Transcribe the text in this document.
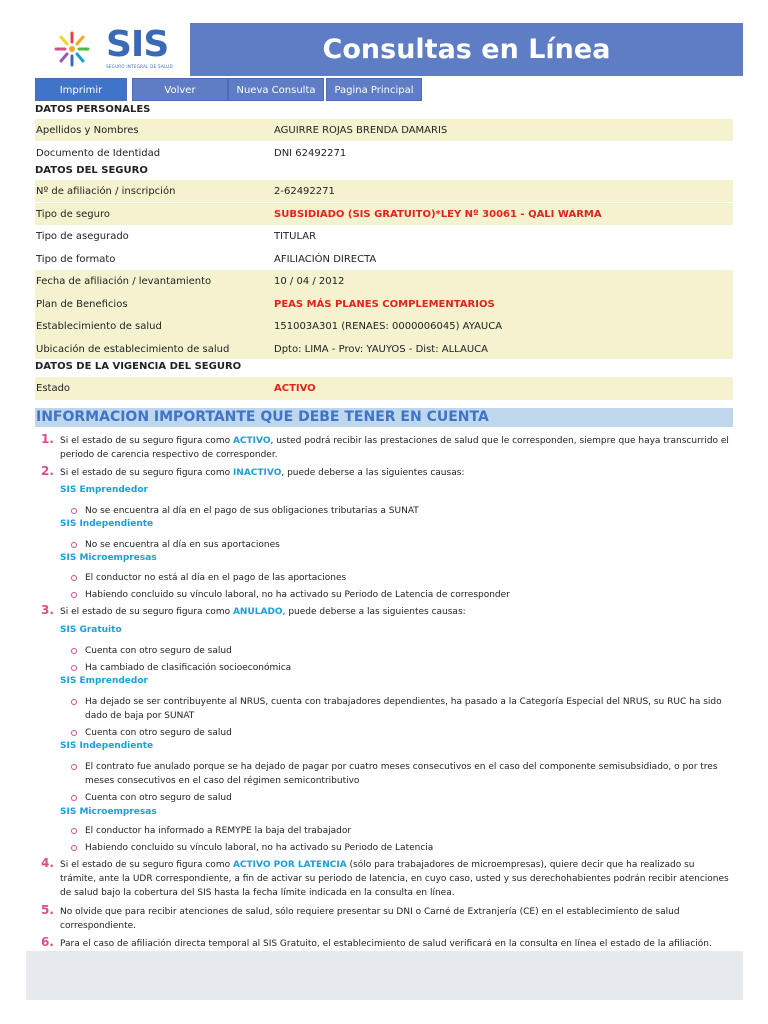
SIS
SEGURO INTEGRAL DE SALUD
Consultas en Línea
Imprimir	Volver	Nueva Consulta	Pagina Principal
DATOS PERSONALES
Apellidos y Nombres	AGUIRRE ROJAS BRENDA DAMARIS
Documento de Identidad	DNI 62492271
DATOS DEL SEGURO
Nº de afiliación / inscripción	2-62492271
Tipo de seguro	SUBSIDIADO (SIS GRATUITO)*LEY Nº 30061 - QALI WARMA
Tipo de asegurado	TITULAR
Tipo de formato	AFILIACIÓN DIRECTA
Fecha de afiliación / levantamiento	10 / 04 / 2012
Plan de Beneficios	PEAS MÁS PLANES COMPLEMENTARIOS
Establecimiento de salud	151003A301 (RENAES: 0000006045) AYAUCA
Ubicación de establecimiento de salud	Dpto: LIMA - Prov: YAUYOS - Dist: ALLAUCA
DATOS DE LA VIGENCIA DEL SEGURO
Estado	ACTIVO
INFORMACION IMPORTANTE QUE DEBE TENER EN CUENTA
1. Si el estado de su seguro figura como ACTIVO, usted podrá recibir las prestaciones de salud que le corresponden, siempre que haya transcurrido el periodo de carencia respectivo de corresponder.
2. Si el estado de su seguro figura como INACTIVO, puede deberse a las siguientes causas:
SIS Emprendedor
No se encuentra al día en el pago de sus obligaciones tributarias a SUNAT
SIS Independiente
No se encuentra al día en sus aportaciones
SIS Microempresas
El conductor no está al día en el pago de las aportaciones
Habiendo concluido su vínculo laboral, no ha activado su Periodo de Latencia de corresponder
3. Si el estado de su seguro figura como ANULADO, puede deberse a las siguientes causas:
SIS Gratuito
Cuenta con otro seguro de salud
Ha cambiado de clasificación socioeconómica
SIS Emprendedor
Ha dejado se ser contribuyente al NRUS, cuenta con trabajadores dependientes, ha pasado a la Categoría Especial del NRUS, su RUC ha sido dado de baja por SUNAT
Cuenta con otro seguro de salud
SIS Independiente
El contrato fue anulado porque se ha dejado de pagar por cuatro meses consecutivos en el caso del componente semisubsidiado, o por tres meses consecutivos en el caso del régimen semicontributivo
Cuenta con otro seguro de salud
SIS Microempresas
El conductor ha informado a REMYPE la baja del trabajador
Habiendo concluido su vínculo laboral, no ha activado su Periodo de Latencia
4. Si el estado de su seguro figura como ACTIVO POR LATENCIA (sólo para trabajadores de microempresas), quiere decir que ha realizado su trámite, ante la UDR correspondiente, a fin de activar su periodo de latencia, en cuyo caso, usted y sus derechohabientes podrán recibir atenciones de salud bajo la cobertura del SIS hasta la fecha límite indicada en la consulta en línea.
5. No olvide que para recibir atenciones de salud, sólo requiere presentar su DNI o Carné de Extranjería (CE) en el establecimiento de salud correspondiente.
6. Para el caso de afiliación directa temporal al SIS Gratuito, el establecimiento de salud verificará en la consulta en línea el estado de la afiliación.
